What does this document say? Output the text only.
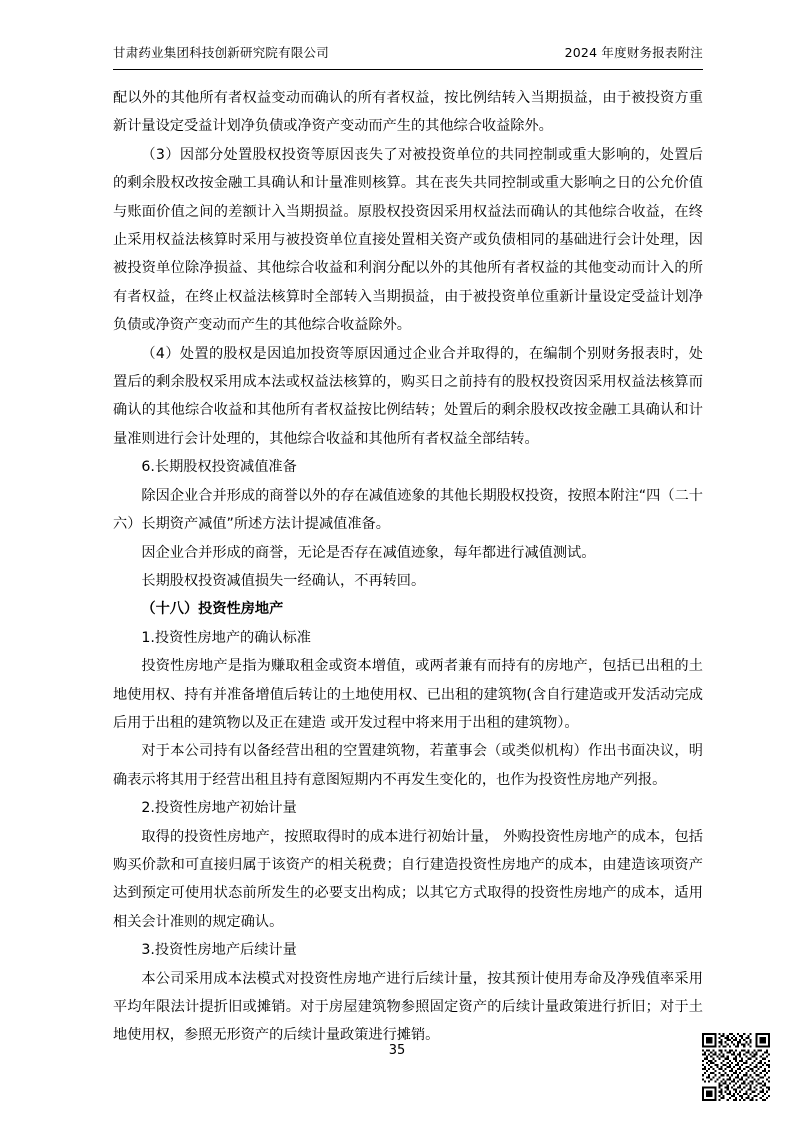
甘肃药业集团科技创新研究院有限公司	2024 年度财务报表附注

配以外的其他所有者权益变动而确认的所有者权益，按比例结转入当期损益，由于被投资方重新计量设定受益计划净负债或净资产变动而产生的其他综合收益除外。

（3）因部分处置股权投资等原因丧失了对被投资单位的共同控制或重大影响的，处置后的剩余股权改按金融工具确认和计量准则核算。其在丧失共同控制或重大影响之日的公允价值与账面价值之间的差额计入当期损益。原股权投资因采用权益法而确认的其他综合收益，在终止采用权益法核算时采用与被投资单位直接处置相关资产或负债相同的基础进行会计处理，因被投资单位除净损益、其他综合收益和利润分配以外的其他所有者权益的其他变动而计入的所有者权益，在终止权益法核算时全部转入当期损益，由于被投资单位重新计量设定受益计划净负债或净资产变动而产生的其他综合收益除外。

（4）处置的股权是因追加投资等原因通过企业合并取得的，在编制个别财务报表时，处置后的剩余股权采用成本法或权益法核算的，购买日之前持有的股权投资因采用权益法核算而确认的其他综合收益和其他所有者权益按比例结转；处置后的剩余股权改按金融工具确认和计量准则进行会计处理的，其他综合收益和其他所有者权益全部结转。

6.长期股权投资减值准备

除因企业合并形成的商誉以外的存在减值迹象的其他长期股权投资，按照本附注“四（二十六）长期资产减值”所述方法计提减值准备。

因企业合并形成的商誉，无论是否存在减值迹象，每年都进行减值测试。

长期股权投资减值损失一经确认，不再转回。

（十八）投资性房地产

1.投资性房地产的确认标准

投资性房地产是指为赚取租金或资本增值，或两者兼有而持有的房地产，包括已出租的土地使用权、持有并准备增值后转让的土地使用权、已出租的建筑物(含自行建造或开发活动完成后用于出租的建筑物以及正在建造 或开发过程中将来用于出租的建筑物）。

对于本公司持有以备经营出租的空置建筑物，若董事会（或类似机构）作出书面决议，明确表示将其用于经营出租且持有意图短期内不再发生变化的，也作为投资性房地产列报。

2.投资性房地产初始计量

取得的投资性房地产，按照取得时的成本进行初始计量， 外购投资性房地产的成本，包括购买价款和可直接归属于该资产的相关税费；自行建造投资性房地产的成本，由建造该项资产达到预定可使用状态前所发生的必要支出构成；以其它方式取得的投资性房地产的成本，适用相关会计准则的规定确认。

3.投资性房地产后续计量

本公司采用成本法模式对投资性房地产进行后续计量，按其预计使用寿命及净残值率采用平均年限法计提折旧或摊销。对于房屋建筑物参照固定资产的后续计量政策进行折旧；对于土地使用权，参照无形资产的后续计量政策进行摊销。

35
